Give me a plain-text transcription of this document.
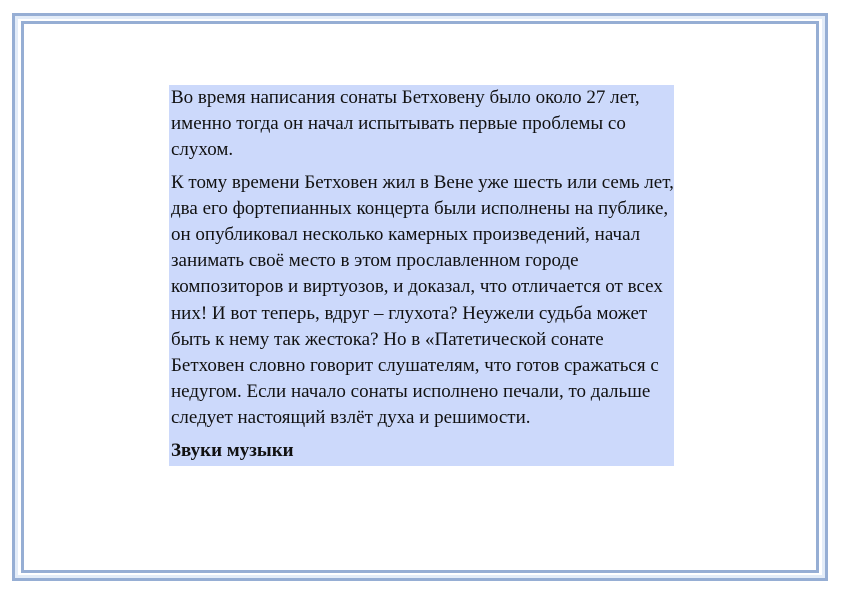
Во время написания сонаты Бетховену было около 27 лет, именно тогда он начал испытывать первые проблемы со слухом.

К тому времени Бетховен жил в Вене уже шесть или семь лет, два его фортепианных концерта были исполнены на публике, он опубликовал несколько камерных произведений, начал занимать своё место в этом прославленном городе композиторов и виртуозов, и доказал, что отличается от всех них! И вот теперь, вдруг – глухота? Неужели судьба может быть к нему так жестока? Но в «Патетической сонате Бетховен словно говорит слушателям, что готов сражаться с недугом. Если начало сонаты исполнено печали, то дальше следует настоящий взлёт духа и решимости.

Звуки музыки
